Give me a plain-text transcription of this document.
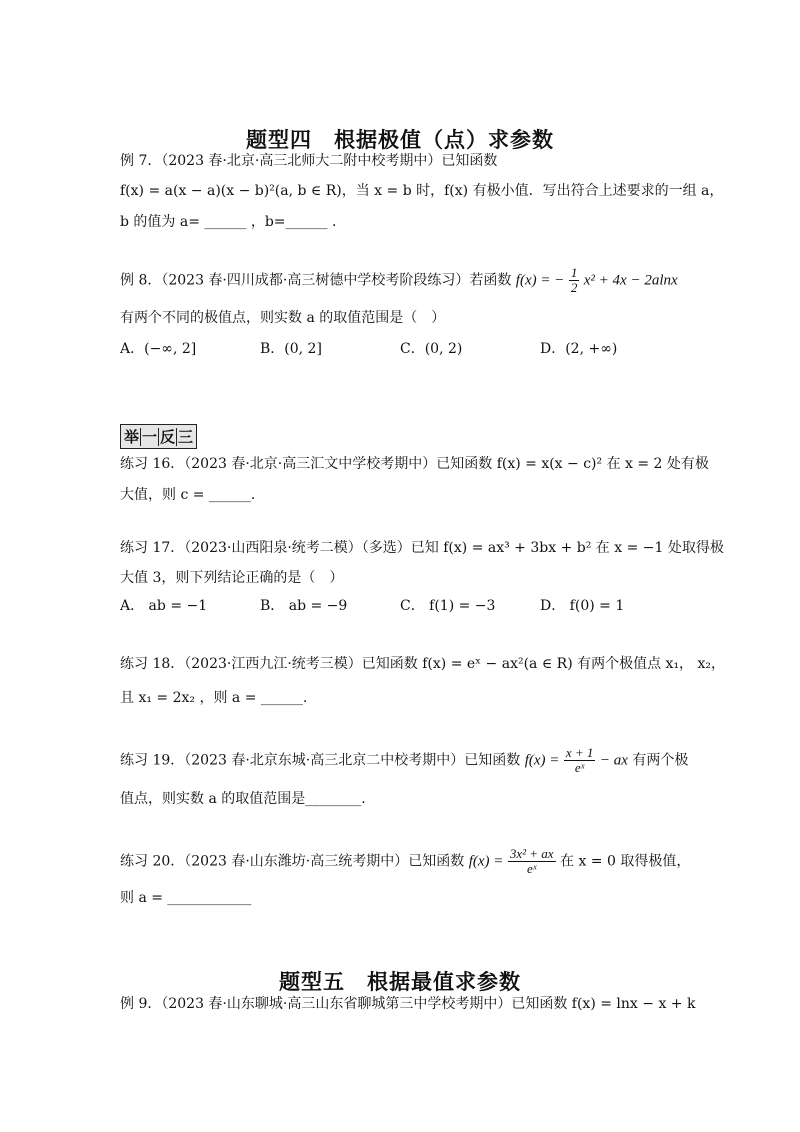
题型四　根据极值（点）求参数
例 7．（2023 春·北京·高三北师大二附中校考期中）已知函数
f(x) = a(x − a)(x − b)²(a, b ∈ R)，当 x = b 时，f(x) 有极小值．写出符合上述要求的一组 a，
b 的值为 a= ______ ，b=______ ．
例 8．（2023 春·四川成都·高三树德中学校考阶段练习）若函数 f(x) = − $\frac{1}{2} x^2 + 4x - 2alnx$
有两个不同的极值点，则实数 a 的取值范围是（　）
A．(−∞, 2]	B．(0, 2]	C．(0, 2)	D．(2, +∞)
举 一 反 三
练习 16．（2023 春·北京·高三汇文中学校考期中）已知函数 f(x) = x(x − c)² 在 x = 2 处有极
大值，则 c = ______.
练习 17．（2023·山西阳泉·统考二模）（多选）已知 f(x) = ax³ + 3bx + b² 在 x = −1 处取得极
大值 3，则下列结论正确的是（　）
A． ab = −1	B． ab = −9	C． f(1) = −3	D． f(0) = 1
练习 18．（2023·江西九江·统考三模）已知函数 f(x) = eˣ − ax²(a ∈ R) 有两个极值点 x₁， x₂，
且 x₁ = 2x₂ ，则 a = ______.
练习 19．（2023 春·北京东城·高三北京二中校考期中）已知函数 $f(x) = \frac{x + 1}{\text{eˣ}}$ − ax 有两个极
值点，则实数 a 的取值范围是________.
练习 20．（2023 春·山东潍坊·高三统考期中）已知函数 $f(x) = \frac{\text{3x² + ax}}{\text{eˣ}}$ 在 x = 0 取得极值，
则 a = ____________
题型五　根据最值求参数
例 9．（2023 春·山东聊城·高三山东省聊城第三中学校考期中）已知函数 f(x) = lnx − x + k
